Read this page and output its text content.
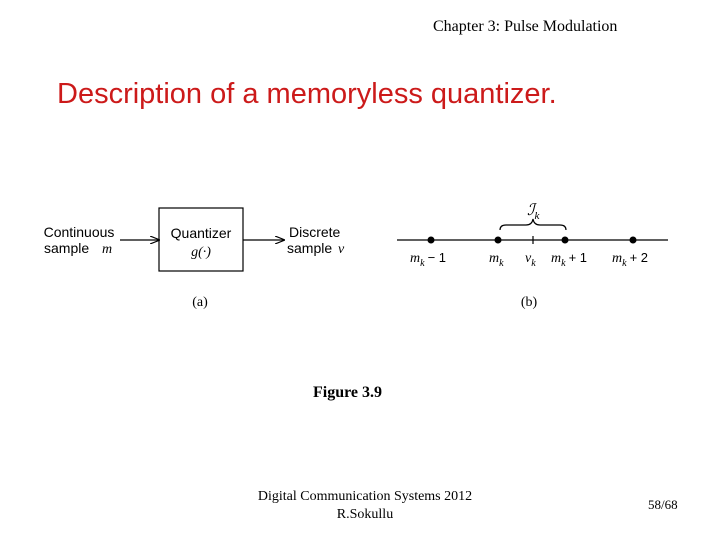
Chapter 3: Pulse Modulation
Description of a memoryless quantizer.
Continuous
sample m
Quantizer
g(·)
Discrete
sample v
(a)
ℐ$_k$
$m_k - 1$	$m_k$ $v_k$ $m_k + 1$ $m_k + 2$
(b)
Figure 3.9
Digital Communication Systems 2012
R.Sokullu
58/68
